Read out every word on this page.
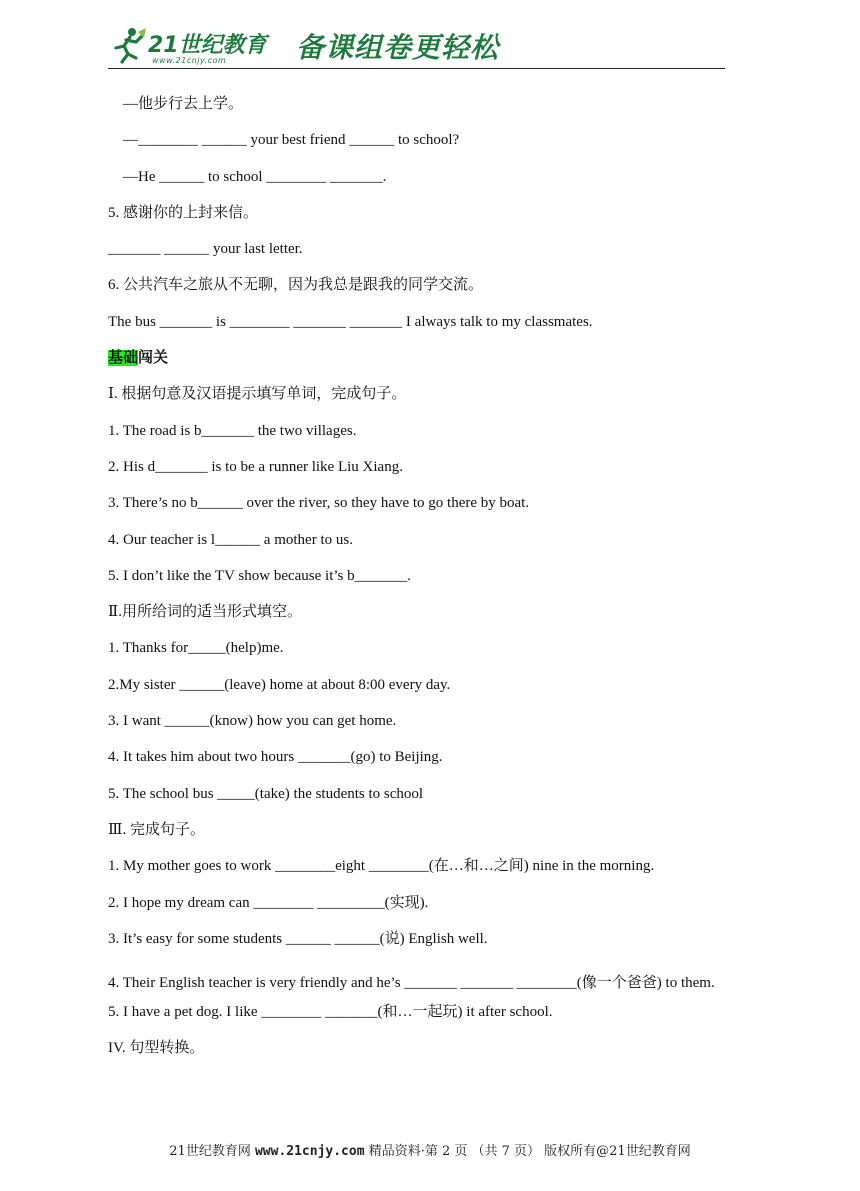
21世纪教育
www.21cnjy.com 备课组卷更轻松
—他步行去上学。
—________ ______ your best friend ______ to school?
—He ______ to school ________ _______.
5. 感谢你的上封来信。
_______ ______ your last letter.
6. 公共汽车之旅从不无聊，因为我总是跟我的同学交流。
The bus _______ is ________ _______ _______ I always talk to my classmates.
基础闯关
Ⅰ. 根据句意及汉语提示填写单词，完成句子。
1. The road is b_______ the two villages.
2. His d_______ is to be a runner like Liu Xiang.
3. There’s no b______ over the river, so they have to go there by boat.
4. Our teacher is l______ a mother to us.
5. I don’t like the TV show because it’s b_______.
Ⅱ.用所给词的适当形式填空。
1. Thanks for_____(help)me.
2.My sister ______(leave) home at about 8:00 every day.
3. I want ______(know) how you can get home.
4. It takes him about two hours _______(go) to Beijing.
5. The school bus _____(take) the students to school
Ⅲ. 完成句子。
1. My mother goes to work ________eight ________(在…和…之间) nine in the morning.
2. I hope my dream can ________ _________(实现).
3. It’s easy for some students ______ ______(说) English well.
4. Their English teacher is very friendly and he’s _______ _______ ________(像一个爸爸) to them.
5. I have a pet dog. I like ________ _______(和…一起玩) it after school.
IV. 句型转换。
21世纪教育网 www.21cnjy.com 精品资料·第 2 页 （共 7 页） 版权所有@21世纪教育网
